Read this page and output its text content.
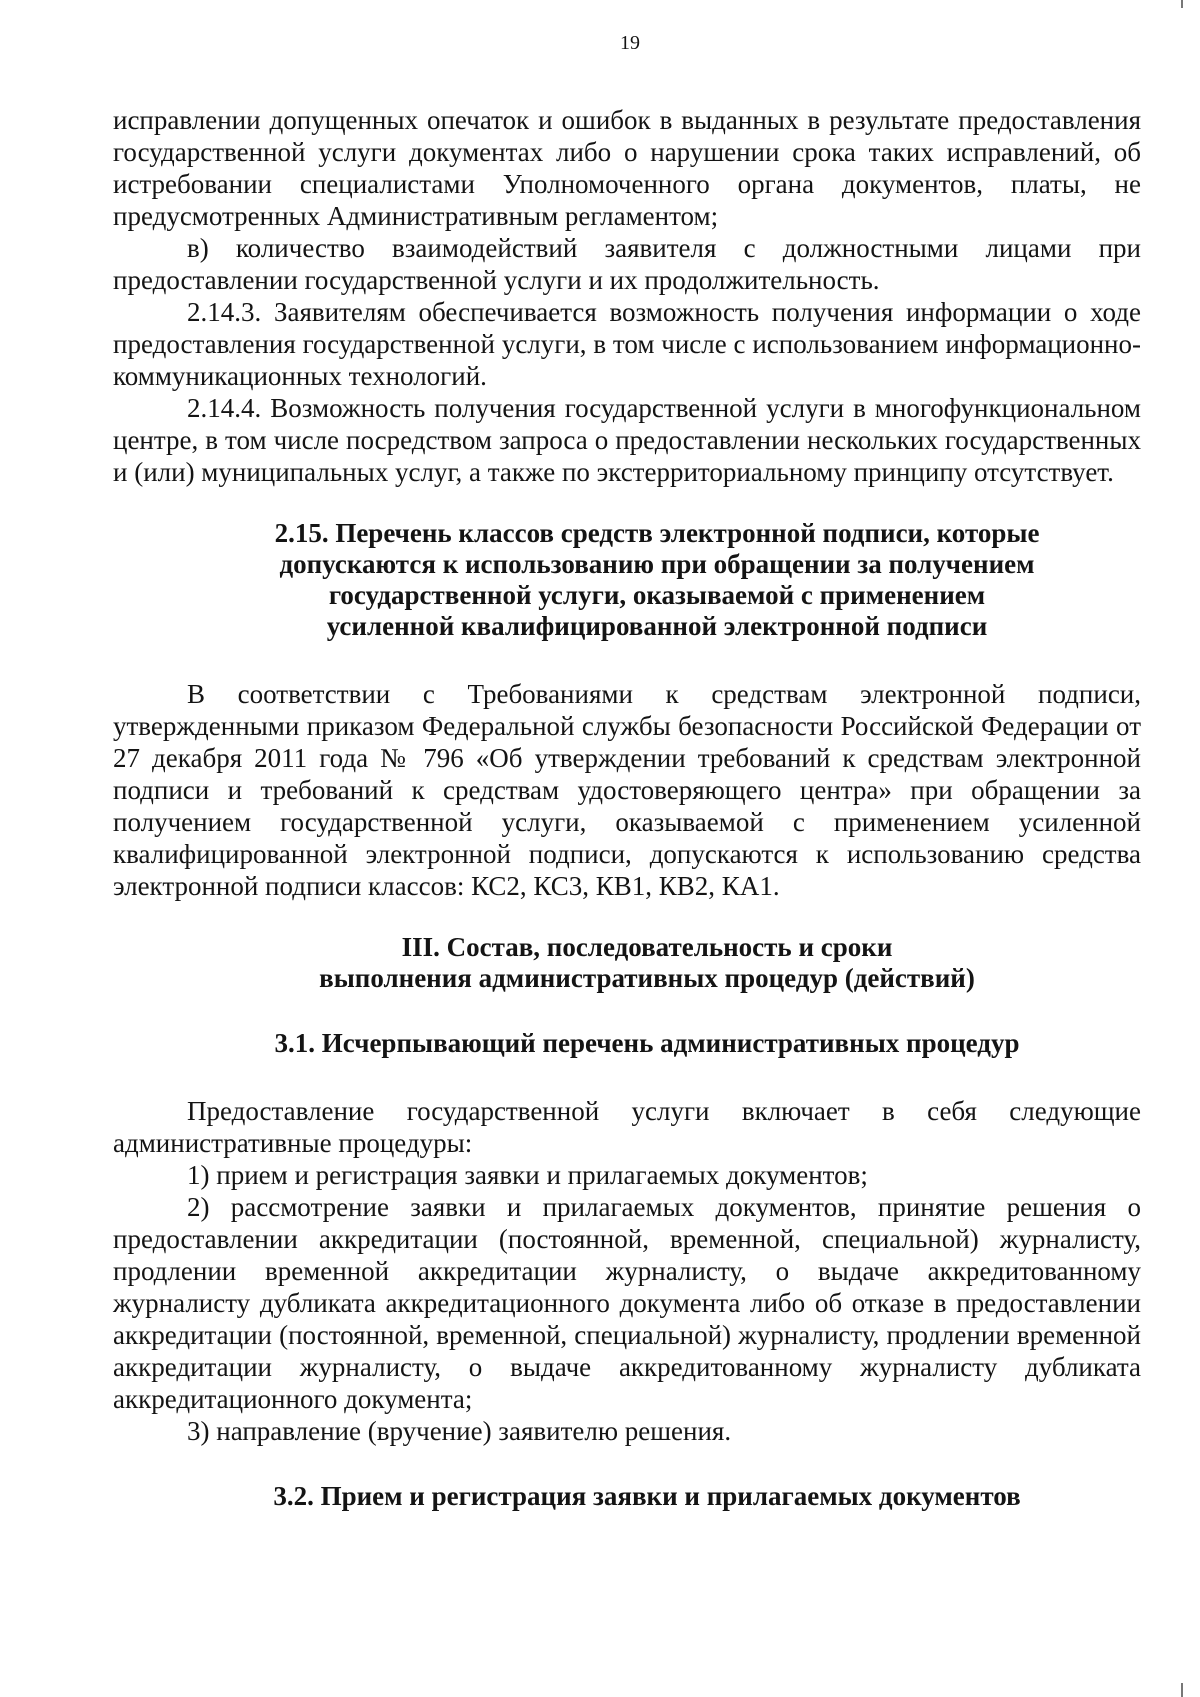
19

исправлении допущенных опечаток и ошибок в выданных в результате предоставления государственной услуги документах либо о нарушении срока таких исправлений, об истребовании специалистами Уполномоченного органа документов, платы, не предусмотренных Административным регламентом;

в) количество взаимодействий заявителя с должностными лицами при предоставлении государственной услуги и их продолжительность.

2.14.3. Заявителям обеспечивается возможность получения информации о ходе предоставления государственной услуги, в том числе с использованием информационно-коммуникационных технологий.

2.14.4. Возможность получения государственной услуги в многофункциональном центре, в том числе посредством запроса о предоставлении нескольких государственных и (или) муниципальных услуг, а также по экстерриториальному принципу отсутствует.

2.15. Перечень классов средств электронной подписи, которые
допускаются к использованию при обращении за получением
государственной услуги, оказываемой с применением
усиленной квалифицированной электронной подписи

В соответствии с Требованиями к средствам электронной подписи, утвержденными приказом Федеральной службы безопасности Российской Федерации от 27 декабря 2011 года № 796 «Об утверждении требований к средствам электронной подписи и требований к средствам удостоверяющего центра» при обращении за получением государственной услуги, оказываемой с применением усиленной квалифицированной электронной подписи, допускаются к использованию средства электронной подписи классов: КС2, КС3, КВ1, КВ2, КА1.

III. Состав, последовательность и сроки
выполнения административных процедур (действий)
3.1. Исчерпывающий перечень административных процедур

Предоставление государственной услуги включает в себя следующие административные процедуры:

1) прием и регистрация заявки и прилагаемых документов;

2) рассмотрение заявки и прилагаемых документов, принятие решения о предоставлении аккредитации (постоянной, временной, специальной) журналисту, продлении временной аккредитации журналисту, о выдаче аккредитованному журналисту дубликата аккредитационного документа либо об отказе в предоставлении аккредитации (постоянной, временной, специальной) журналисту, продлении временной аккредитации журналисту, о выдаче аккредитованному журналисту дубликата аккредитационного документа;

3) направление (вручение) заявителю решения.

3.2. Прием и регистрация заявки и прилагаемых документов
